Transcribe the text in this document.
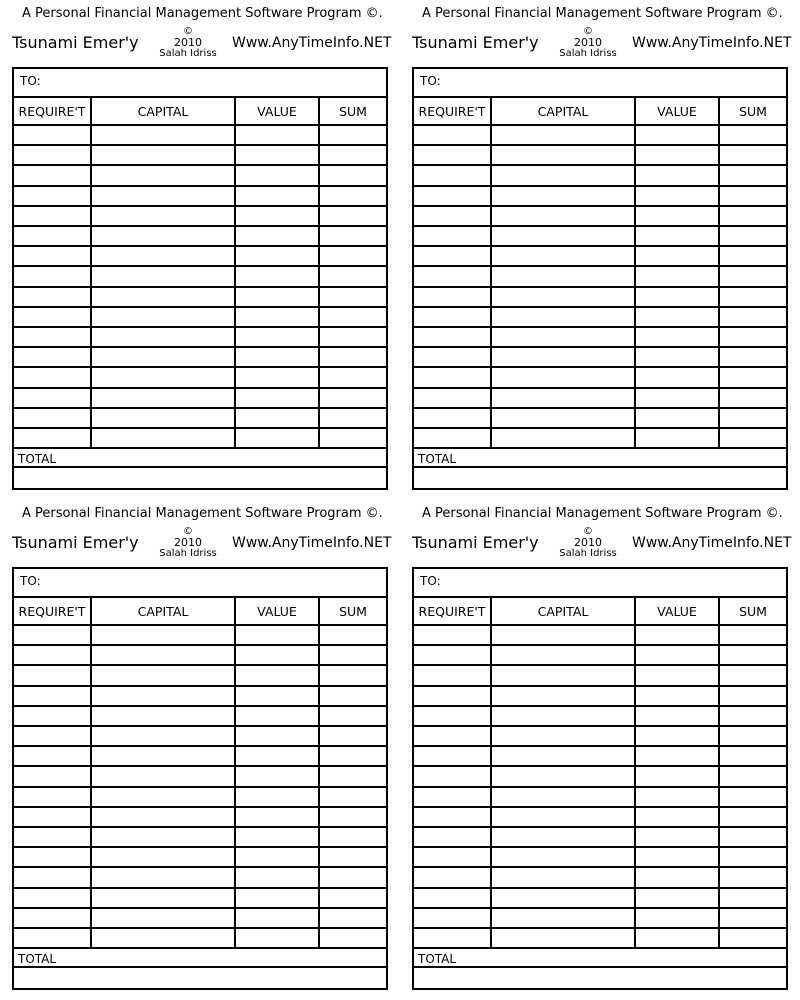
A Personal Financial Management Software Program ©.
Tsunami Emer'y
©
2010
Salah Idriss
Www.AnyTimeInfo.NET
TO:
REQUIRE'T	CAPITAL	VALUE	SUM
TOTAL
A Personal Financial Management Software Program ©.
Tsunami Emer'y
©
2010
Salah Idriss
Www.AnyTimeInfo.NET
TO:
REQUIRE'T	CAPITAL	VALUE	SUM
TOTAL
A Personal Financial Management Software Program ©.
Tsunami Emer'y
©
2010
Salah Idriss
Www.AnyTimeInfo.NET
TO:
REQUIRE'T	CAPITAL	VALUE	SUM
TOTAL
A Personal Financial Management Software Program ©.
Tsunami Emer'y
©
2010
Salah Idriss
Www.AnyTimeInfo.NET
TO:
REQUIRE'T	CAPITAL	VALUE	SUM
TOTAL
